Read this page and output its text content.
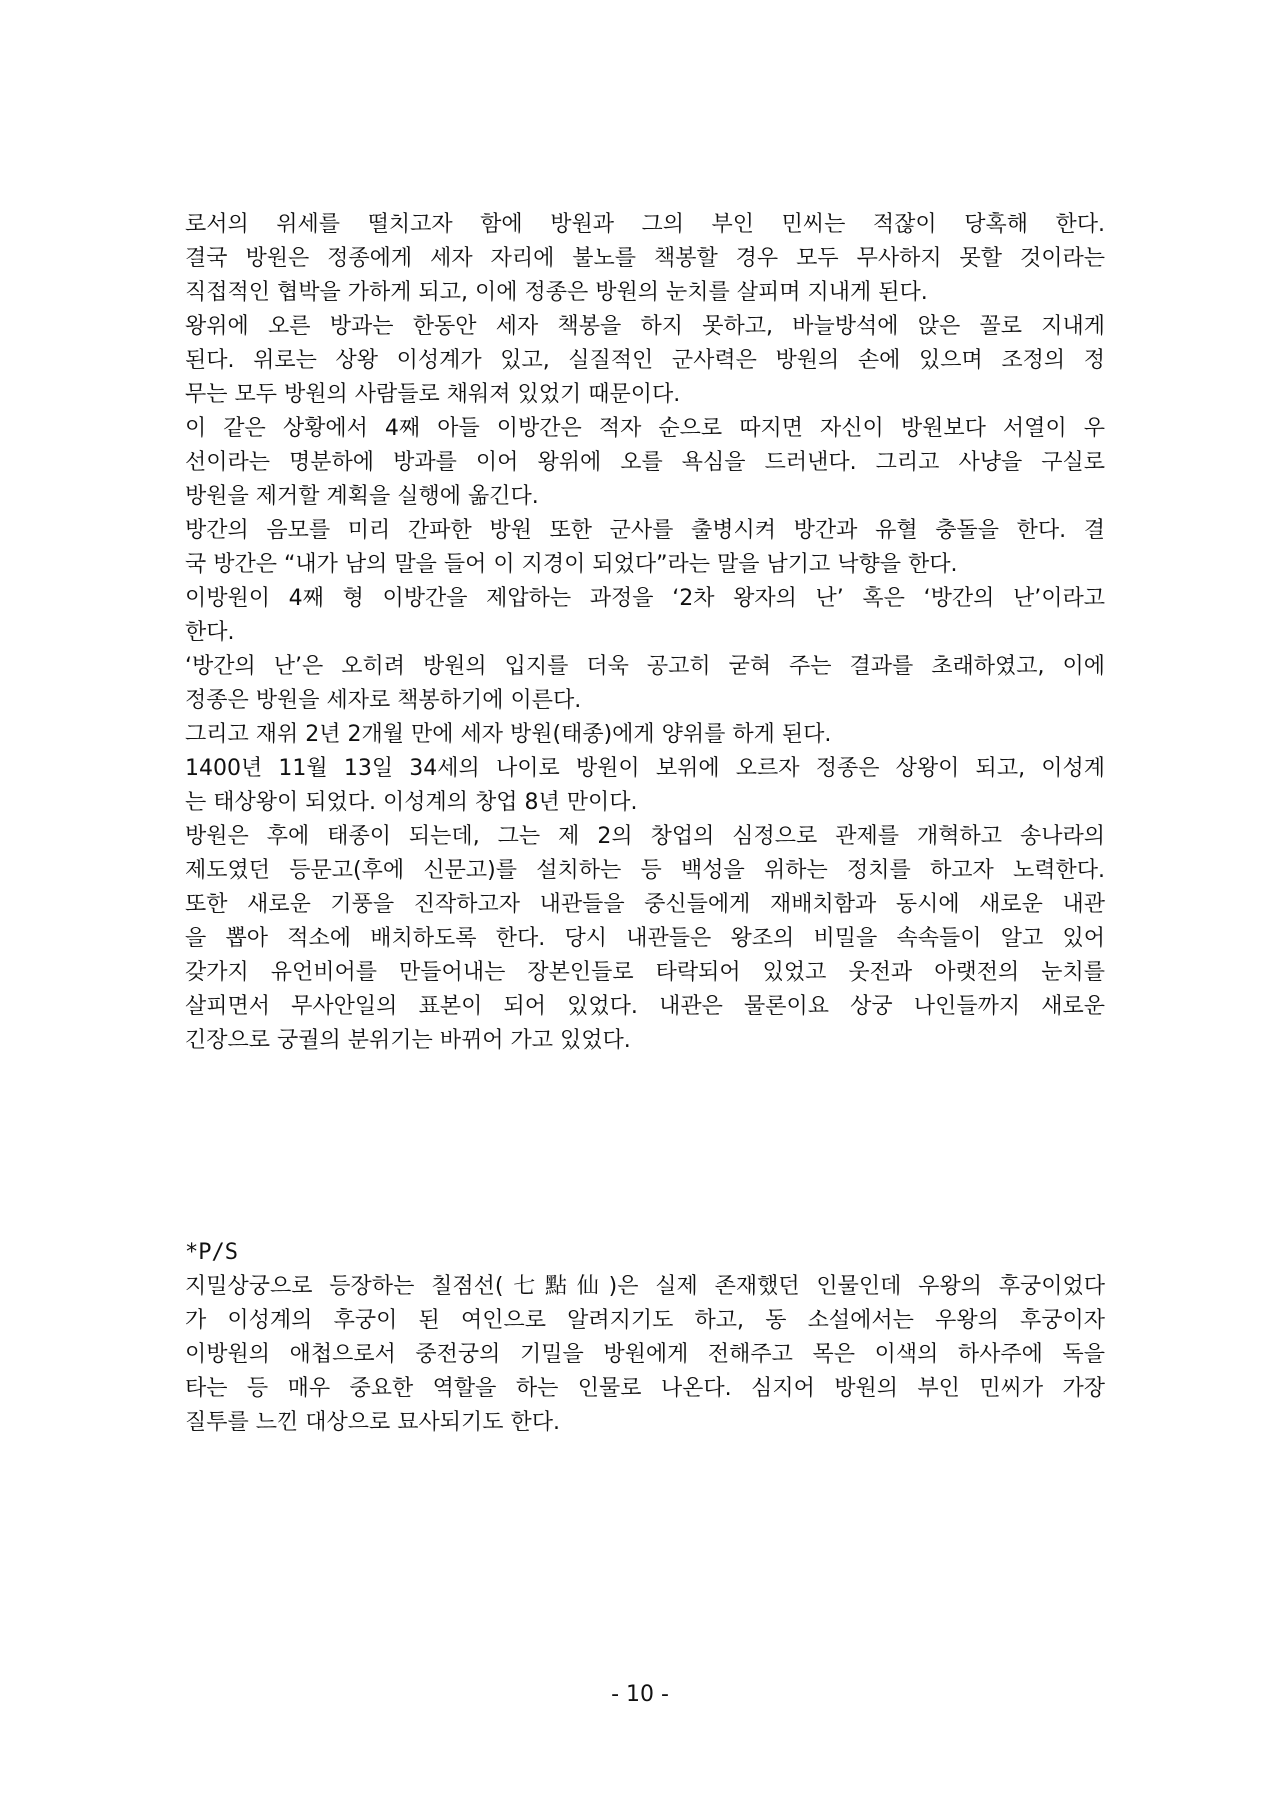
로서의 위세를 떨치고자 함에 방원과 그의 부인 민씨는 적잖이 당혹해 한다.
결국 방원은 정종에게 세자 자리에 불노를 책봉할 경우 모두 무사하지 못할 것이라는
직접적인 협박을 가하게 되고, 이에 정종은 방원의 눈치를 살피며 지내게 된다.
왕위에 오른 방과는 한동안 세자 책봉을 하지 못하고, 바늘방석에 앉은 꼴로 지내게
된다. 위로는 상왕 이성계가 있고, 실질적인 군사력은 방원의 손에 있으며 조정의 정
무는 모두 방원의 사람들로 채워져 있었기 때문이다.
이 같은 상황에서 4째 아들 이방간은 적자 순으로 따지면 자신이 방원보다 서열이 우
선이라는 명분하에 방과를 이어 왕위에 오를 욕심을 드러낸다. 그리고 사냥을 구실로
방원을 제거할 계획을 실행에 옮긴다.
방간의 음모를 미리 간파한 방원 또한 군사를 출병시켜 방간과 유혈 충돌을 한다. 결
국 방간은 “내가 남의 말을 들어 이 지경이 되었다”라는 말을 남기고 낙향을 한다.
이방원이 4째 형 이방간을 제압하는 과정을 ‘2차 왕자의 난’ 혹은 ‘방간의 난’이라고
한다.
‘방간의 난’은 오히려 방원의 입지를 더욱 공고히 굳혀 주는 결과를 초래하였고, 이에
정종은 방원을 세자로 책봉하기에 이른다.
그리고 재위 2년 2개월 만에 세자 방원(태종)에게 양위를 하게 된다.
1400년 11월 13일 34세의 나이로 방원이 보위에 오르자 정종은 상왕이 되고, 이성계
는 태상왕이 되었다. 이성계의 창업 8년 만이다.
방원은 후에 태종이 되는데, 그는 제 2의 창업의 심정으로 관제를 개혁하고 송나라의
제도였던 등문고(후에 신문고)를 설치하는 등 백성을 위하는 정치를 하고자 노력한다.
또한 새로운 기풍을 진작하고자 내관들을 중신들에게 재배치함과 동시에 새로운 내관
을 뽑아 적소에 배치하도록 한다. 당시 내관들은 왕조의 비밀을 속속들이 알고 있어
갖가지 유언비어를 만들어내는 장본인들로 타락되어 있었고 웃전과 아랫전의 눈치를
살피면서 무사안일의 표본이 되어 있었다. 내관은 물론이요 상궁 나인들까지 새로운
긴장으로 궁궐의 분위기는 바뀌어 가고 있었다.
*P/S
지밀상궁으로 등장하는 칠점선(七點仙)은 실제 존재했던 인물인데 우왕의 후궁이었다
가 이성계의 후궁이 된 여인으로 알려지기도 하고, 동 소설에서는 우왕의 후궁이자
이방원의 애첩으로서 중전궁의 기밀을 방원에게 전해주고 목은 이색의 하사주에 독을
타는 등 매우 중요한 역할을 하는 인물로 나온다. 심지어 방원의 부인 민씨가 가장
질투를 느낀 대상으로 묘사되기도 한다.
- 10 -
